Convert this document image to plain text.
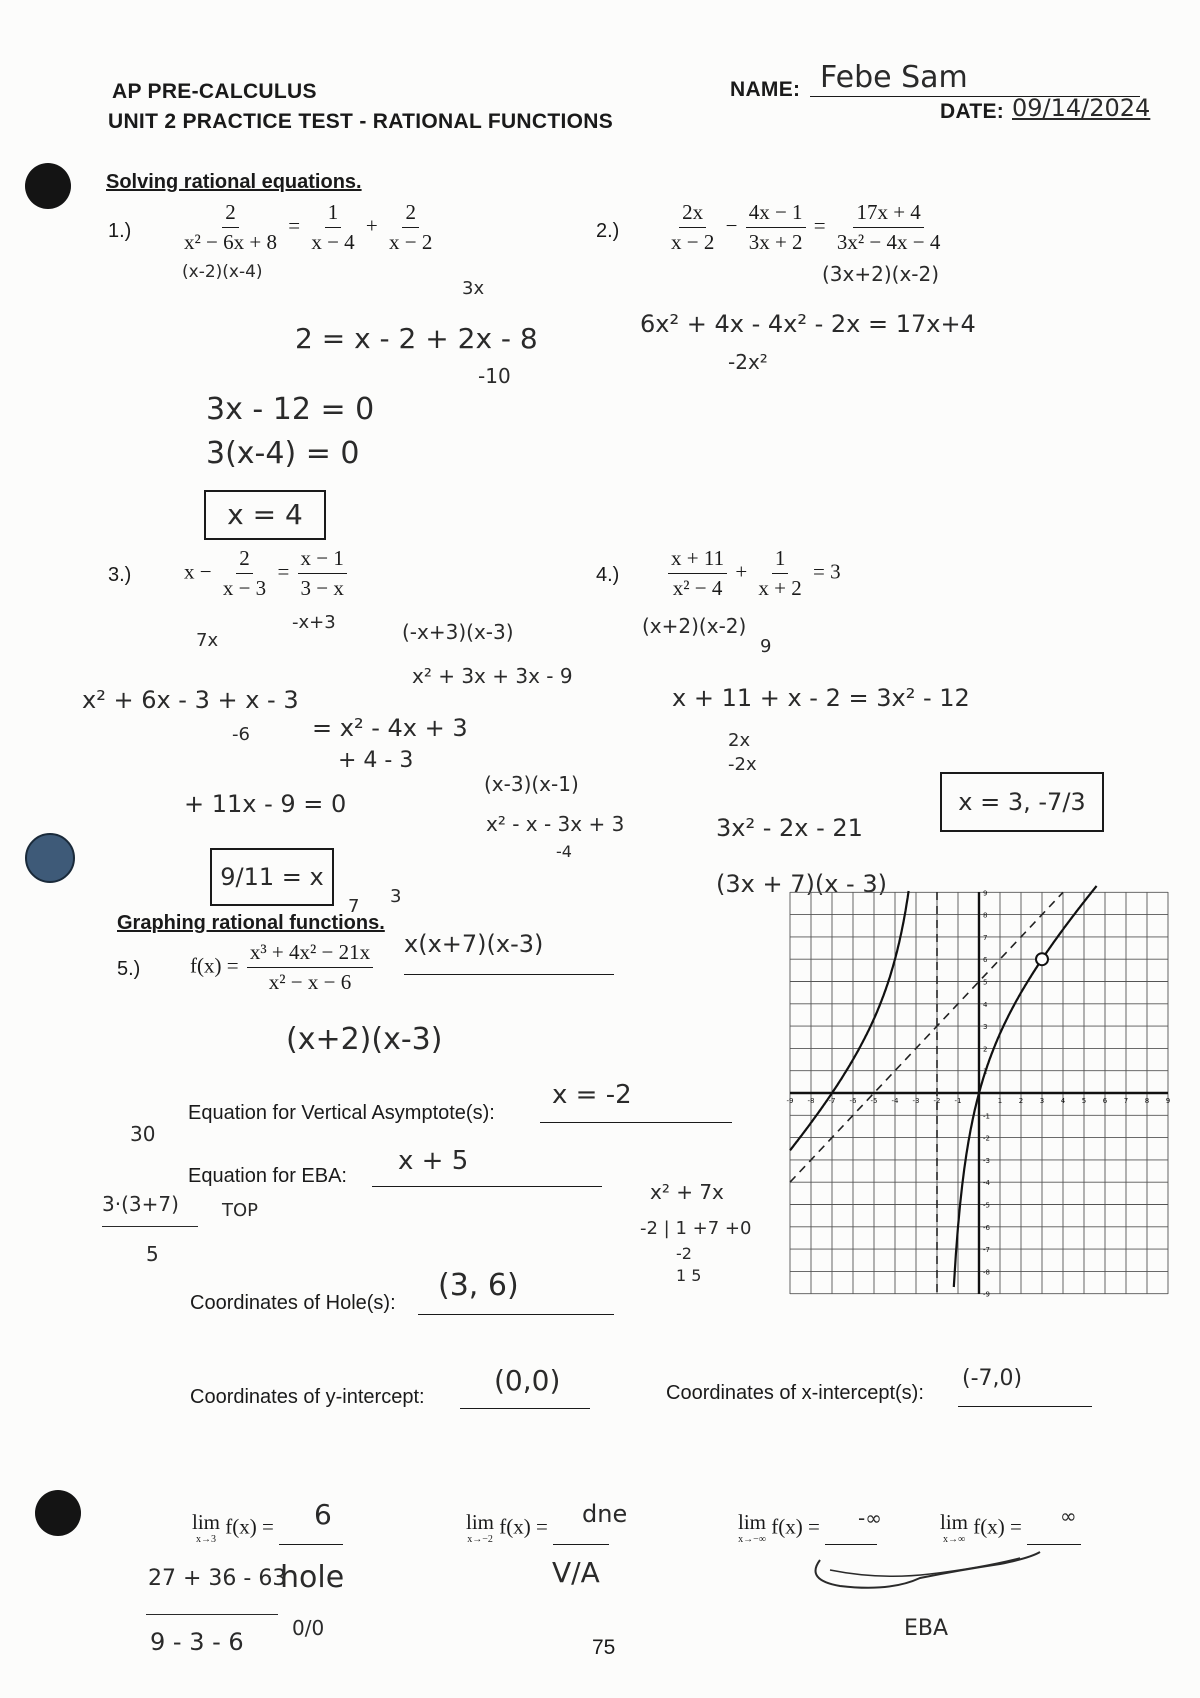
AP PRE-CALCULUS
UNIT 2 PRACTICE TEST - RATIONAL FUNCTIONS
NAME: Febe Sam
DATE: 09/14/2024
Solving rational equations.
$1.) \frac{2}{\text{x² − 6x + 8}} = \frac{1}{x - 4} + \frac{2}{x - 2}$
(x-2)(x-4)
3x
2 = x - 2 + 2x - 8
-10
3x - 12 = 0
3(x-4) = 0
x = 4
$2.) \frac{2x}{x - 2} - \frac{4x - 1}{3x + 2} = \frac{17x + 4}{\text{3x² − 4x − 4}}$
(3x+2)(x-2)
6x² + 4x - 4x² - 2x = 17x+4
-2x²
3.)	$x - \frac{2}{x - 3} = \frac{x - 1}{3 - x}$
-x+3
7x	(-x+3)(x-3)
x² + 3x + 3x - 9
x² + 6x - 3 + x - 3
-6	= x² - 4x + 3
+ 4 - 3
+ 11x - 9 = 0
(x-3)(x-1)
x² - x - 3x + 3
-4
9/11 = x
$4.) \frac{x + 11}{\text{x² − 4}} + \frac{1}{x + 2} = 3$
(x+2)(x-2)
9
x + 11 + x - 2 = 3x² - 12
2x
-2x
3x² - 2x - 21
(3x + 7)(x - 3)
x = 3, -7/3
Graphing rational functions.
5.) $f(x) = \frac{\text{x³ + 4x² − 21x}}{\text{x² − x − 6}} x(x+7)(x-3)$
(x+2)(x-3)
7 3
Equation for Vertical Asymptote(s):
x = -2
Equation for EBA: x + 5
30
3·(3+7) TOP
5
x² + 7x
-2 | 1 +7 +0
-2
1 5
Coordinates of Hole(s): (3, 6)
Coordinates of y-intercept: (0,0)	Coordinates of x-intercept(s):
(-7,0)
-9 -8 -7 -6 -5 -4 -3 -2 -1	1 2 3 4 5 6 7 8 9
9
8
7
6
5
4
3
2
1
-1
-2
-3
-4
-5
-6
-7
-8
-9
lim
x→3
f(x) =	6	lim
x→−2
f(x) =	dne	lim
x→−∞
f(x) =	-∞	lim
x→∞
f(x) =	∞
27 + 36 - 63
hole
9 - 3 - 6 0/0
V/A
EBA
75
